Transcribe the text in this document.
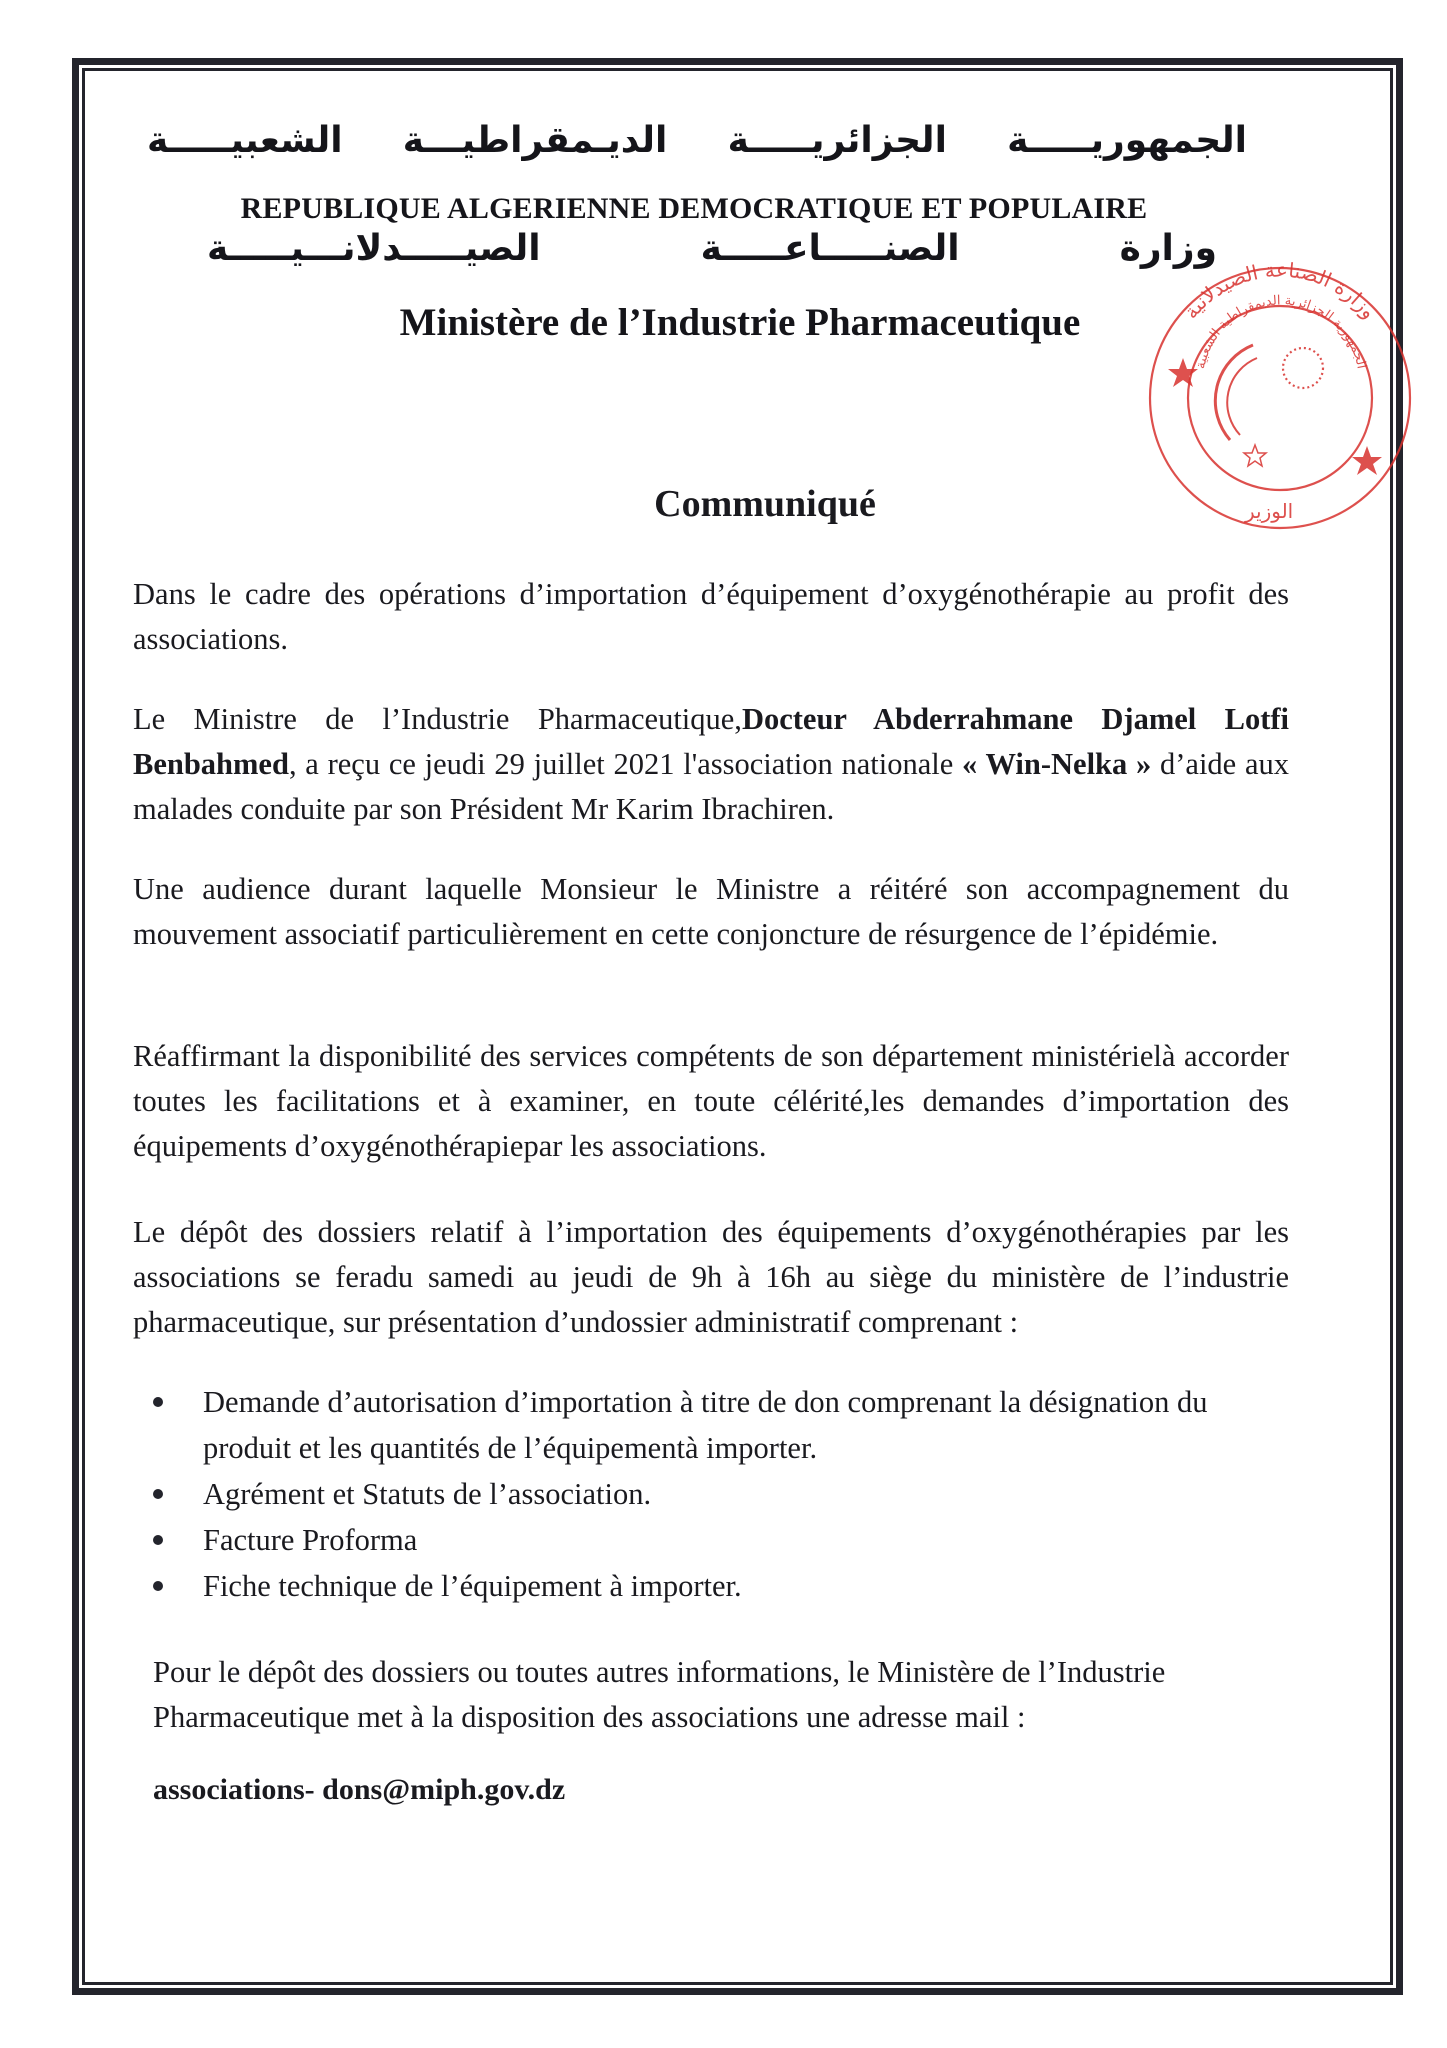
الجمهوريـــــة الجزائريـــــة الديـمقراطيـــة الشعبيـــــة
REPUBLIQUE ALGERIENNE DEMOCRATIQUE ET POPULAIRE
وزارة الصنـــــاعـــــة الصيـــــدلانـــيـــــة
Ministère de l’Industrie Pharmaceutique	وزارة الصناعة الصيدلانية
الجمهورية الجزائرية الديمقراطية الشعبية
الوزير
Communiqué

Dans le cadre des opérations d’importation d’équipement d’oxygénothérapie au profit des associations.

Le Ministre de l’Industrie Pharmaceutique,Docteur Abderrahmane Djamel Lotfi Benbahmed, a reçu ce jeudi 29 juillet 2021 l'association nationale « Win-Nelka » d’aide aux malades conduite par son Président Mr Karim Ibrachiren.

Une audience durant laquelle Monsieur le Ministre a réitéré son accompagnement du mouvement associatif particulièrement en cette conjoncture de résurgence de l’épidémie.

Réaffirmant la disponibilité des services compétents de son département ministérielà accorder toutes les facilitations et à examiner, en toute célérité,les demandes d’importation des équipements d’oxygénothérapiepar les associations.

Le dépôt des dossiers relatif à l’importation des équipements d’oxygénothérapies par les associations se feradu samedi au jeudi de 9h à 16h au siège du ministère de l’industrie pharmaceutique, sur présentation d’undossier administratif comprenant :

Demande d’autorisation d’importation à titre de don comprenant la désignation du produit et les quantités de l’équipementà importer.
Agrément et Statuts de l’association.
Facture Proforma
Fiche technique de l’équipement à importer.
Pour le dépôt des dossiers ou toutes autres informations, le Ministère de l’Industrie Pharmaceutique met à la disposition des associations une adresse mail :
associations- dons@miph.gov.dz
